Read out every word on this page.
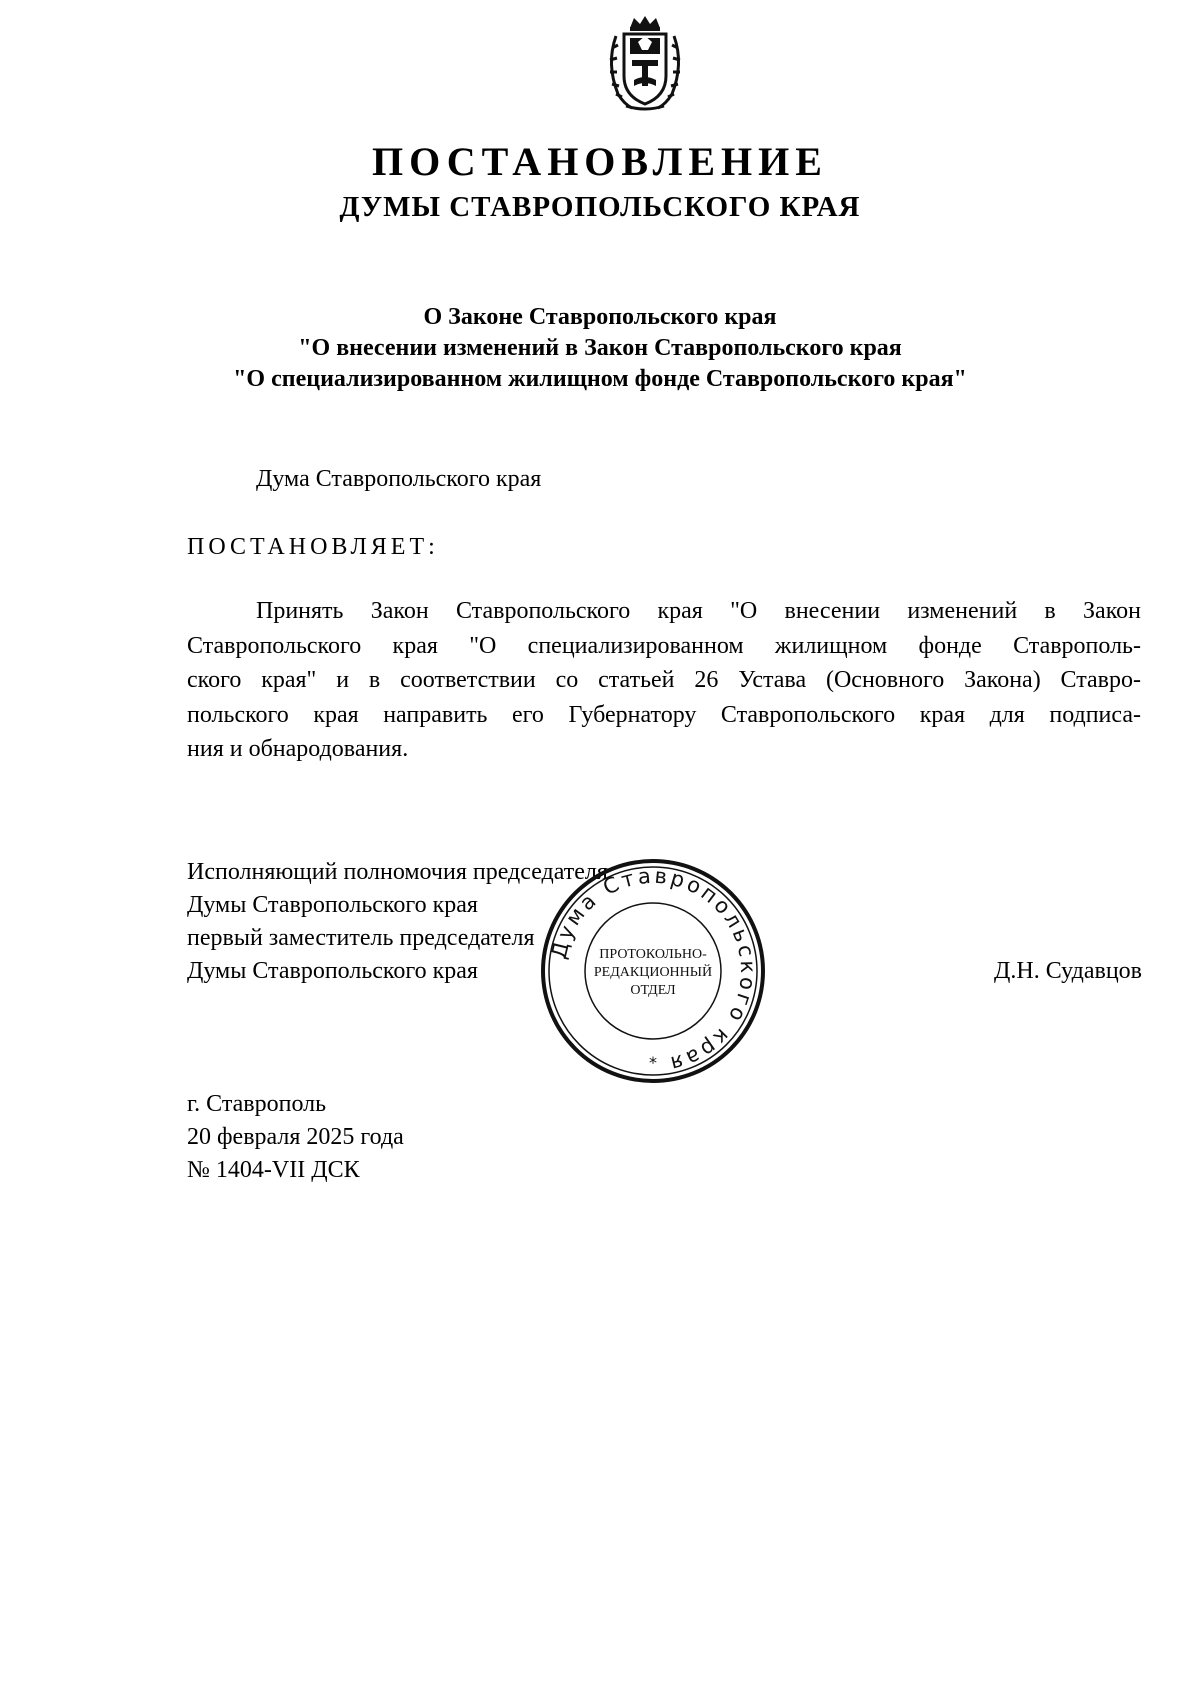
ПОСТАНОВЛЕНИЕ
ДУМЫ СТАВРОПОЛЬСКОГО КРАЯ
О Законе Ставропольского края
"О внесении изменений в Закон Ставропольского края
"О специализированном жилищном фонде Ставропольского края"
Дума Ставропольского края
ПОСТАНОВЛЯЕТ:
Принять Закон Ставропольского края "О внесении изменений в Закон
Ставропольского края "О специализированном жилищном фонде Ставрополь-
ского края" и в соответствии со статьей 26 Устава (Основного Закона) Ставро-
польского края направить его Губернатору Ставропольского края для подписа-
ния и обнародования.
Исполняющий полномочия председателя
Думы Ставропольского края
первый заместитель председателя
Думы Ставропольского края
Дума Ставропольского края
ПРОТОКОЛЬНО-
РЕДАКЦИОННЫЙ
ОТДЕЛ
*
Д.Н. Судавцов
г. Ставрополь
20 февраля 2025 года
№ 1404-VII ДСК
